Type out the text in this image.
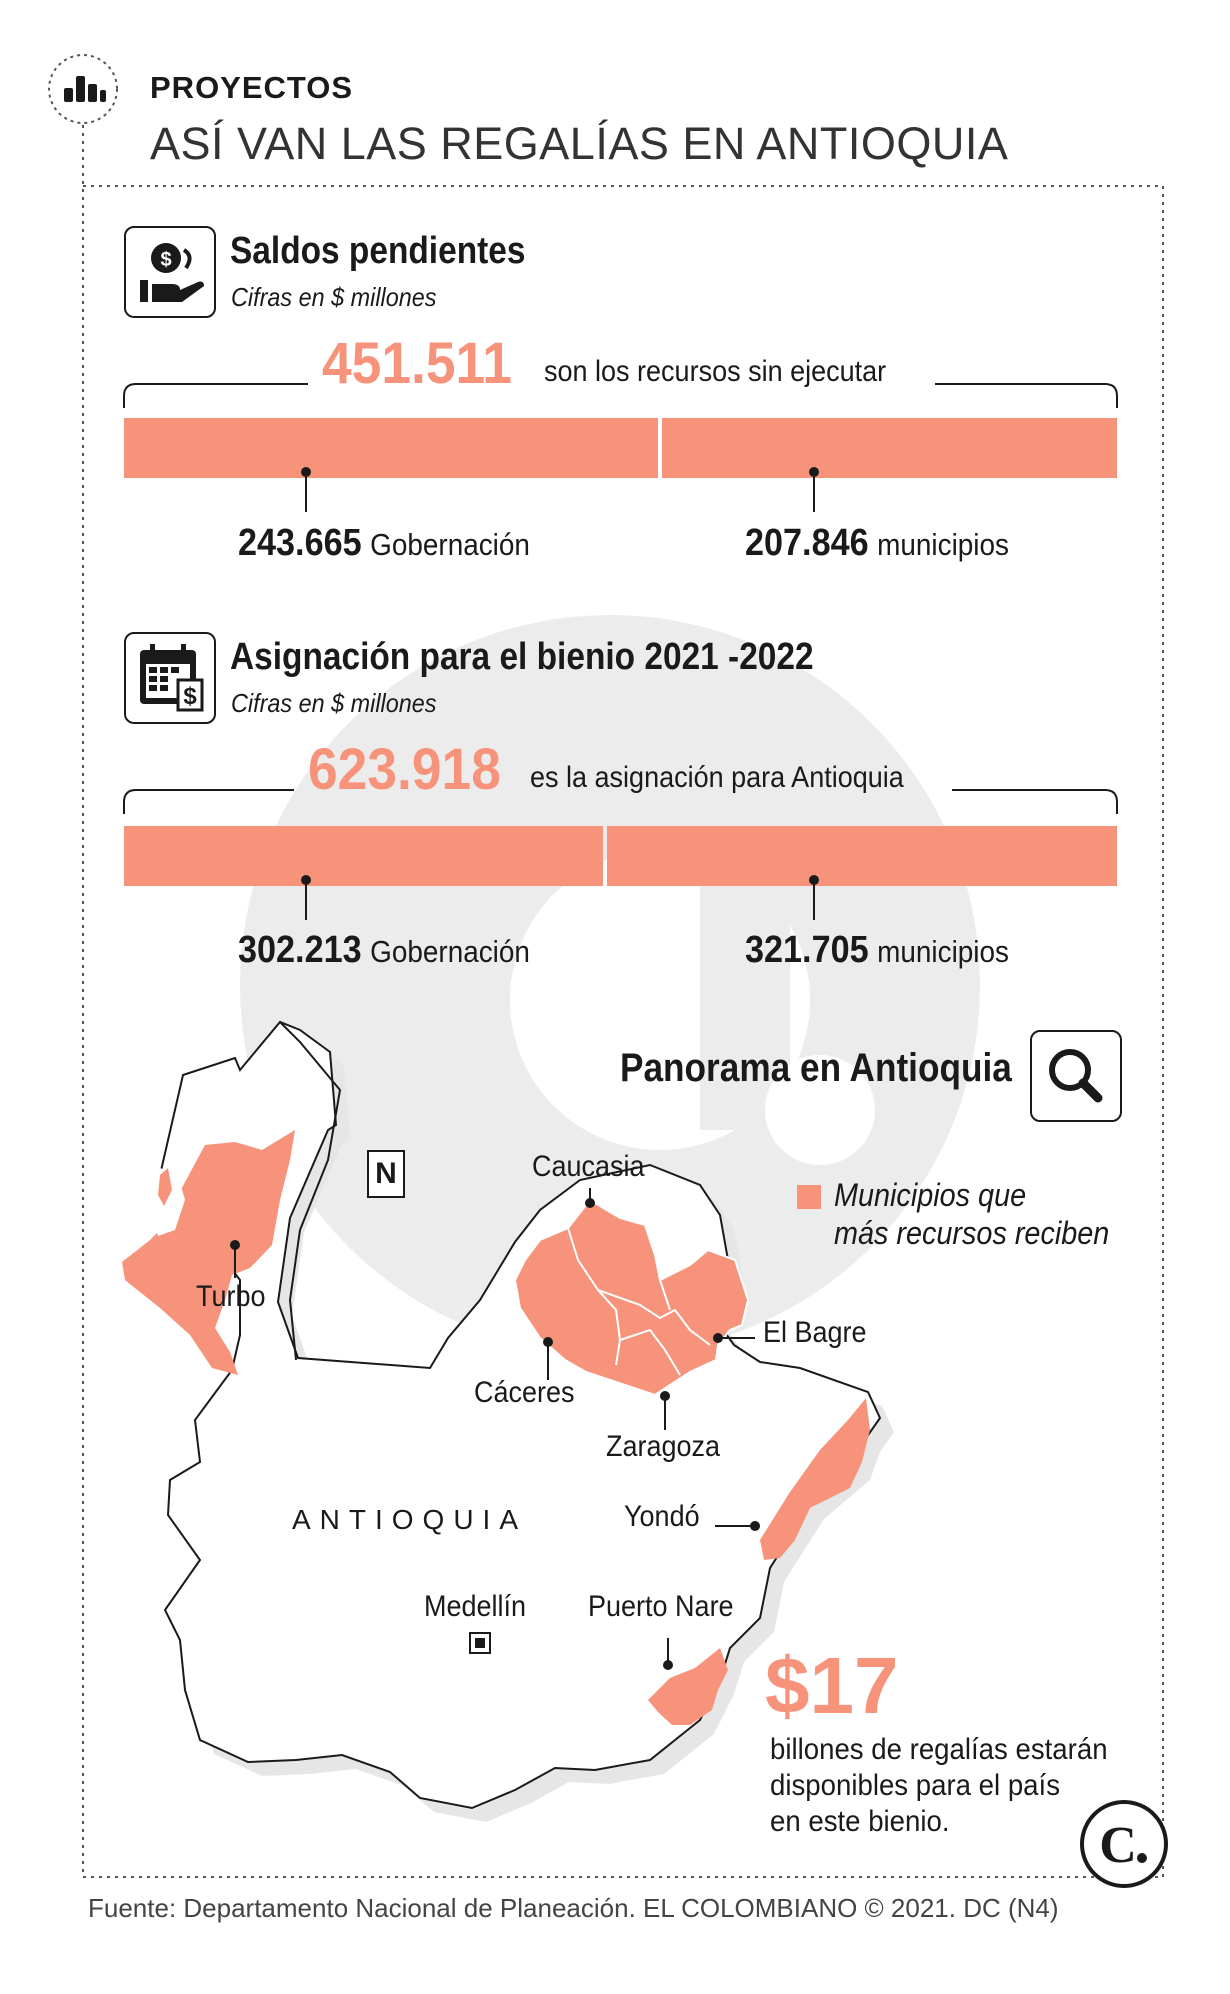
PROYECTOS
ASÍ VAN LAS REGALÍAS EN ANTIOQUIA
$ Saldos pendientes
Cifras en $ millones
451.511 son los recursos sin ejecutar
243.665 Gobernación	207.846 municipios
$
Asignación para el bienio 2021 -2022
Cifras en $ millones
623.918 es la asignación para Antioquia
302.213 Gobernación	321.705 municipios
Panorama en Antioquia
N
Municipios que
más recursos reciben
Turbo
Caucasia
Cáceres
El Bagre
Zaragoza
Yondó
Medellín Puerto Nare
ANTIOQUIA
$17
billones de regalías estarán
disponibles para el país
en este bienio.	C
Fuente: Departamento Nacional de Planeación. EL COLOMBIANO © 2021. DC (N4)
